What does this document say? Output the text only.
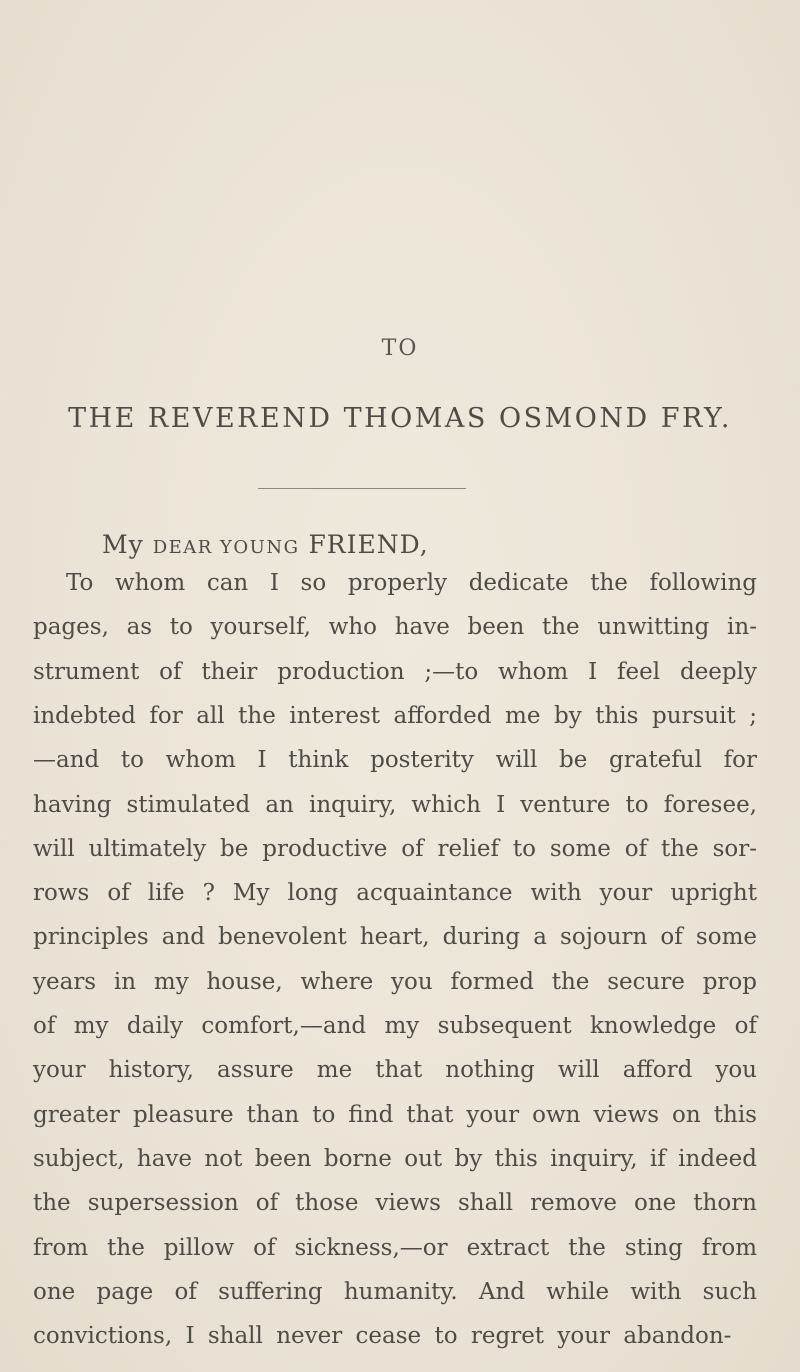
TO
THE REVEREND THOMAS OSMOND FRY.
My DEAR YOUNG FRIEND,
To whom can I so properly dedicate the following
pages, as to yourself, who have been the unwitting in-
strument of their production ;—to whom I feel deeply
indebted for all the interest afforded me by this pursuit ;
—and to whom I think posterity will be grateful for
having stimulated an inquiry, which I venture to foresee,
will ultimately be productive of relief to some of the sor-
rows of life ? My long acquaintance with your upright
principles and benevolent heart, during a sojourn of some
years in my house, where you formed the secure prop
of my daily comfort,—and my subsequent knowledge of
your history, assure me that nothing will afford you
greater pleasure than to find that your own views on this
subject, have not been borne out by this inquiry, if indeed
the supersession of those views shall remove one thorn
from the pillow of sickness,—or extract the sting from
one page of suffering humanity. And while with such
convictions, I shall never cease to regret your abandon-
